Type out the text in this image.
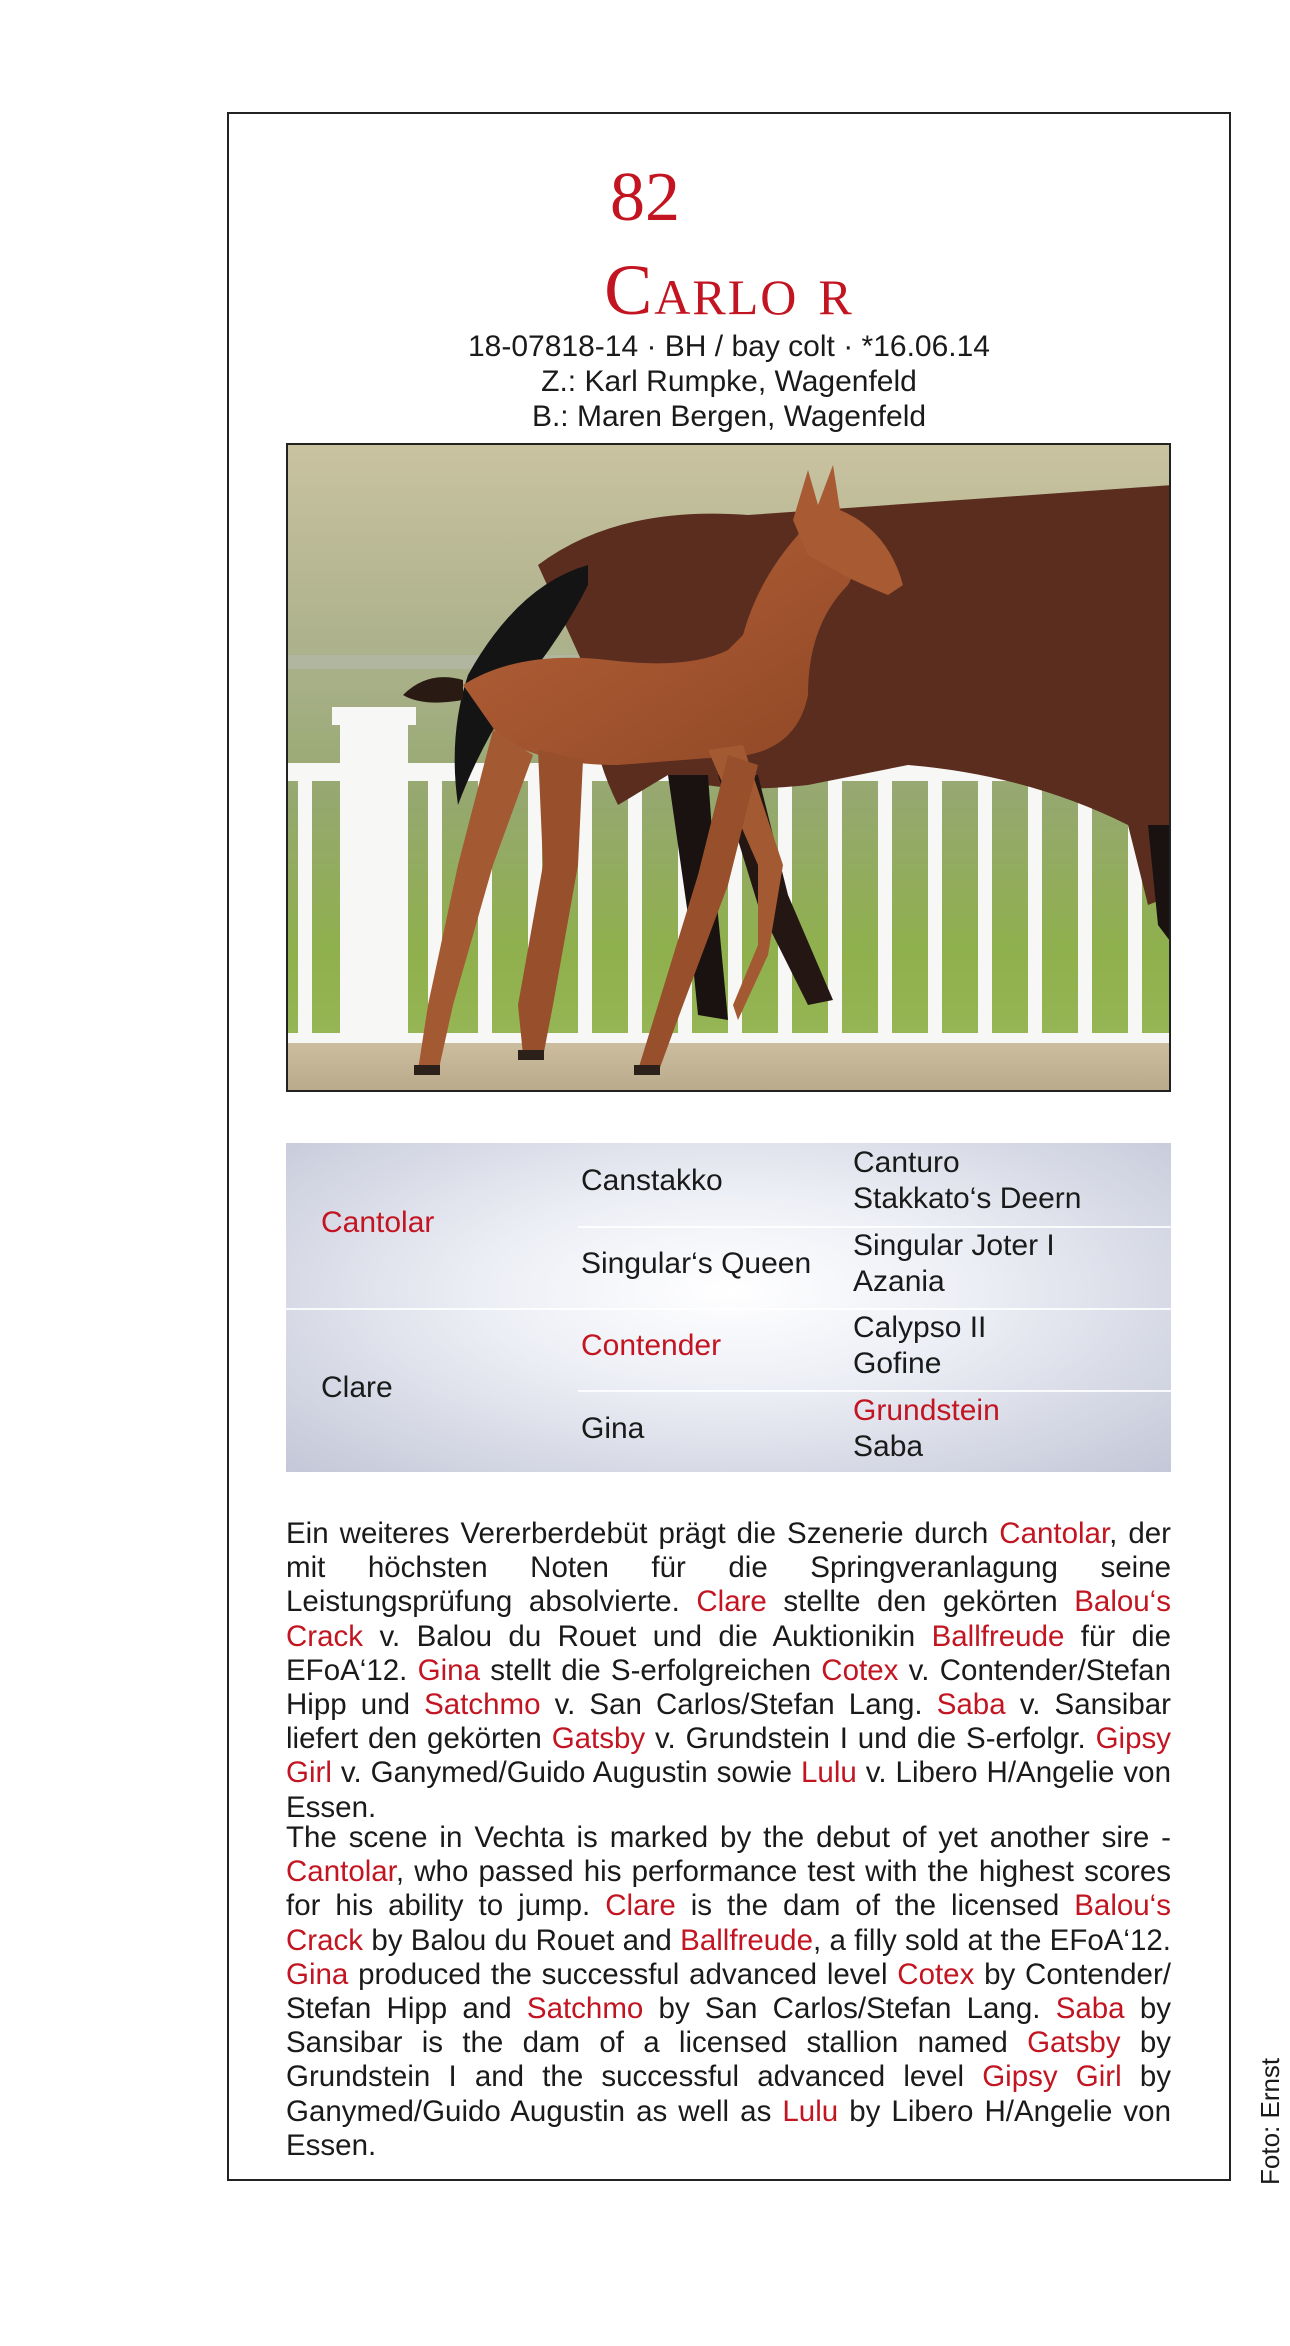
82
Carlo r
18-07818-14 · BH / bay colt · *16.06.14
Z.: Karl Rumpke, Wagenfeld
B.: Maren Bergen, Wagenfeld
Cantolar
Clare
Canstakko
Singular‘s Queen
Contender
Gina
Canturo
Stakkato‘s Deern
Singular Joter I
Azania
Calypso II
Gofine
Grundstein
Saba

Ein weiteres Vererberdebüt prägt die Szenerie durch Cantolar, der mit höchsten Noten für die Springveranlagung seine Leistungsprüfung absolvierte. Clare stellte den gekörten Balou‘s Crack v. Balou du Rouet und die Auktionikin Ballfreude für die EFoA‘12. Gina stellt die S-erfolgreichen Cotex v. Contender/Stefan Hipp und Satchmo v. San Carlos/Stefan Lang. Saba v. Sansibar liefert den gekörten Gatsby v. Grundstein I und die S-erfolgr. Gipsy Girl v. Ganymed/Guido Augustin sowie Lulu v. Libero H/Angelie von Essen.

The scene in Vechta is marked by the debut of yet another sire - Cantolar, who passed his performance test with the highest scores for his ability to jump. Clare is the dam of the licensed Balou‘s Crack by Balou du Rouet and Ballfreude, a filly sold at the EFoA‘12. Gina produced the successful advanced level Cotex by Contender/ Stefan Hipp and Satchmo by San Carlos/Stefan Lang. Saba by Sansibar is the dam of a licensed stallion named Gatsby by Grundstein I and the successful advanced level Gipsy Girl by Ganymed/Guido Augustin as well as Lulu by Libero H/Angelie von Essen.	Foto: Ernst
